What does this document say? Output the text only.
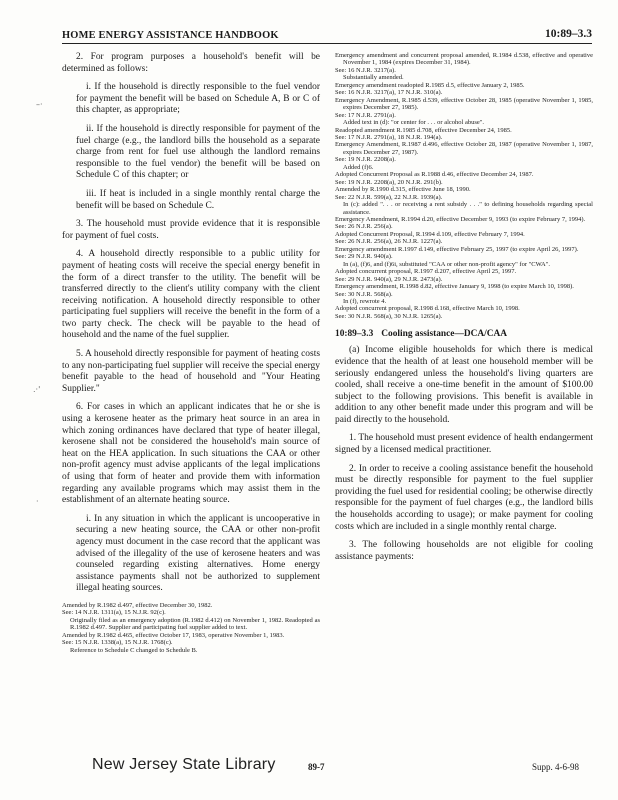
HOME ENERGY ASSISTANCE HANDBOOK	10:89–3.3

2. For program purposes a household's benefit will be determined as follows:

i. If the household is directly responsible to the fuel vendor for payment the benefit will be based on Schedule A, B or C of this chapter, as appropriate;

ii. If the household is directly responsible for payment of the fuel charge (e.g., the landlord bills the household as a separate charge from rent for fuel use although the landlord remains responsible to the fuel vendor) the benefit will be based on Schedule C of this chapter; or

iii. If heat is included in a single monthly rental charge the benefit will be based on Schedule C.

3. The household must provide evidence that it is responsible for payment of fuel costs.

4. A household directly responsible to a public utility for payment of heating costs will receive the special energy benefit in the form of a direct transfer to the utility. The benefit will be transferred directly to the client's utility company with the client receiving notification. A household directly responsible to other participating fuel suppliers will receive the benefit in the form of a two party check. The check will be payable to the head of household and the name of the fuel supplier.

5. A household directly responsible for payment of heating costs to any non-participating fuel supplier will receive the special energy benefit payable to the head of household and "Your Heating Supplier."

6. For cases in which an applicant indicates that he or she is using a kerosene heater as the primary heat source in an area in which zoning ordinances have declared that type of heater illegal, kerosene shall not be considered the household's main source of heat on the HEA application. In such situations the CAA or other non-profit agency must advise applicants of the legal implications of using that form of heater and provide them with information regarding any available programs which may assist them in the establishment of an alternate heating source.

i. In any situation in which the applicant is uncooperative in securing a new heating source, the CAA or other non-profit agency must document in the case record that the applicant was advised of the illegality of the use of kerosene heaters and was counseled regarding existing alternatives. Home energy assistance payments shall not be authorized to supplement illegal heating sources.

Amended by R.1982 d.497, effective December 30, 1982.
See: 14 N.J.R. 1311(a), 15 N.J.R. 92(c).
Originally filed as an emergency adoption (R.1982 d.412) on November 1, 1982. Readopted as R.1982 d.497. Supplier and participating fuel supplier added to text.
Amended by R.1982 d.465, effective October 17, 1983, operative November 1, 1983.
See: 15 N.J.R. 1338(a), 15 N.J.R. 1768(c).
Reference to Schedule C changed to Schedule B.
Emergency amendment and concurrent proposal amended, R.1984 d.538, effective and operative November 1, 1984 (expires December 31, 1984).
See: 16 N.J.R. 3217(a).
Substantially amended.
Emergency amendment readopted R.1985 d.5, effective January 2, 1985.
See: 16 N.J.R. 3217(a), 17 N.J.R. 310(a).
Emergency Amendment, R.1985 d.539, effective October 28, 1985 (operative November 1, 1985, expires December 27, 1985).
See: 17 N.J.R. 2791(a).
Added text in (d): "or center for . . . or alcohol abuse".
Readopted amendment R.1985 d.708, effective December 24, 1985.
See: 17 N.J.R. 2791(a), 18 N.J.R. 194(a).
Emergency Amendment, R.1987 d.496, effective October 28, 1987 (operative November 1, 1987, expires December 27, 1987).
See: 19 N.J.R. 2208(a).
Added (f)6.
Adopted Concurrent Proposal as R.1988 d.46, effective December 24, 1987.
See: 19 N.J.R. 2208(a), 20 N.J.R. 291(b).
Amended by R.1990 d.315, effective June 18, 1990.
See: 22 N.J.R. 599(a), 22 N.J.R. 1939(a).
In (c): added ". . . or receiving a rent subsidy . . ." to defining households regarding special assistance.
Emergency Amendment, R.1994 d.20, effective December 9, 1993 (to expire February 7, 1994).
See: 26 N.J.R. 256(a).
Adopted Concurrent Proposal, R.1994 d.109, effective February 7, 1994.
See: 26 N.J.R. 256(a), 26 N.J.R. 1227(a).
Emergency amendment R.1997 d.149, effective February 25, 1997 (to expire April 26, 1997).
See: 29 N.J.R. 940(a).
In (a), (f)6, and (f)6i, substituted "CAA or other non-profit agency" for "CWA".
Adopted concurrent proposal, R.1997 d.207, effective April 25, 1997.
See: 29 N.J.R. 940(a), 29 N.J.R. 2473(a).
Emergency amendment, R.1998 d.82, effective January 9, 1998 (to expire March 10, 1998).
See: 30 N.J.R. 568(a).
In (f), rewrote 4.
Adopted concurrent proposal, R.1998 d.168, effective March 10, 1998.
See: 30 N.J.R. 568(a), 30 N.J.R. 1265(a).
10:89–3.3 Cooling assistance—DCA/CAA

(a) Income eligible households for which there is medical evidence that the health of at least one household member will be seriously endangered unless the household's living quarters are cooled, shall receive a one-time benefit in the amount of $100.00 subject to the following provisions. This benefit is available in addition to any other benefit made under this program and will be paid directly to the household.

1. The household must present evidence of health endangerment signed by a licensed medical practitioner.

2. In order to receive a cooling assistance benefit the household must be directly responsible for payment to the fuel supplier providing the fuel used for residential cooling; be otherwise directly responsible for the payment of fuel charges (e.g., the landlord bills the households according to usage); or make payment for cooling costs which are included in a single monthly rental charge.

3. The following households are not eligible for cooling assistance payments:

–·
·
.·'
New Jersey State Library	89-7	Supp. 4-6-98
